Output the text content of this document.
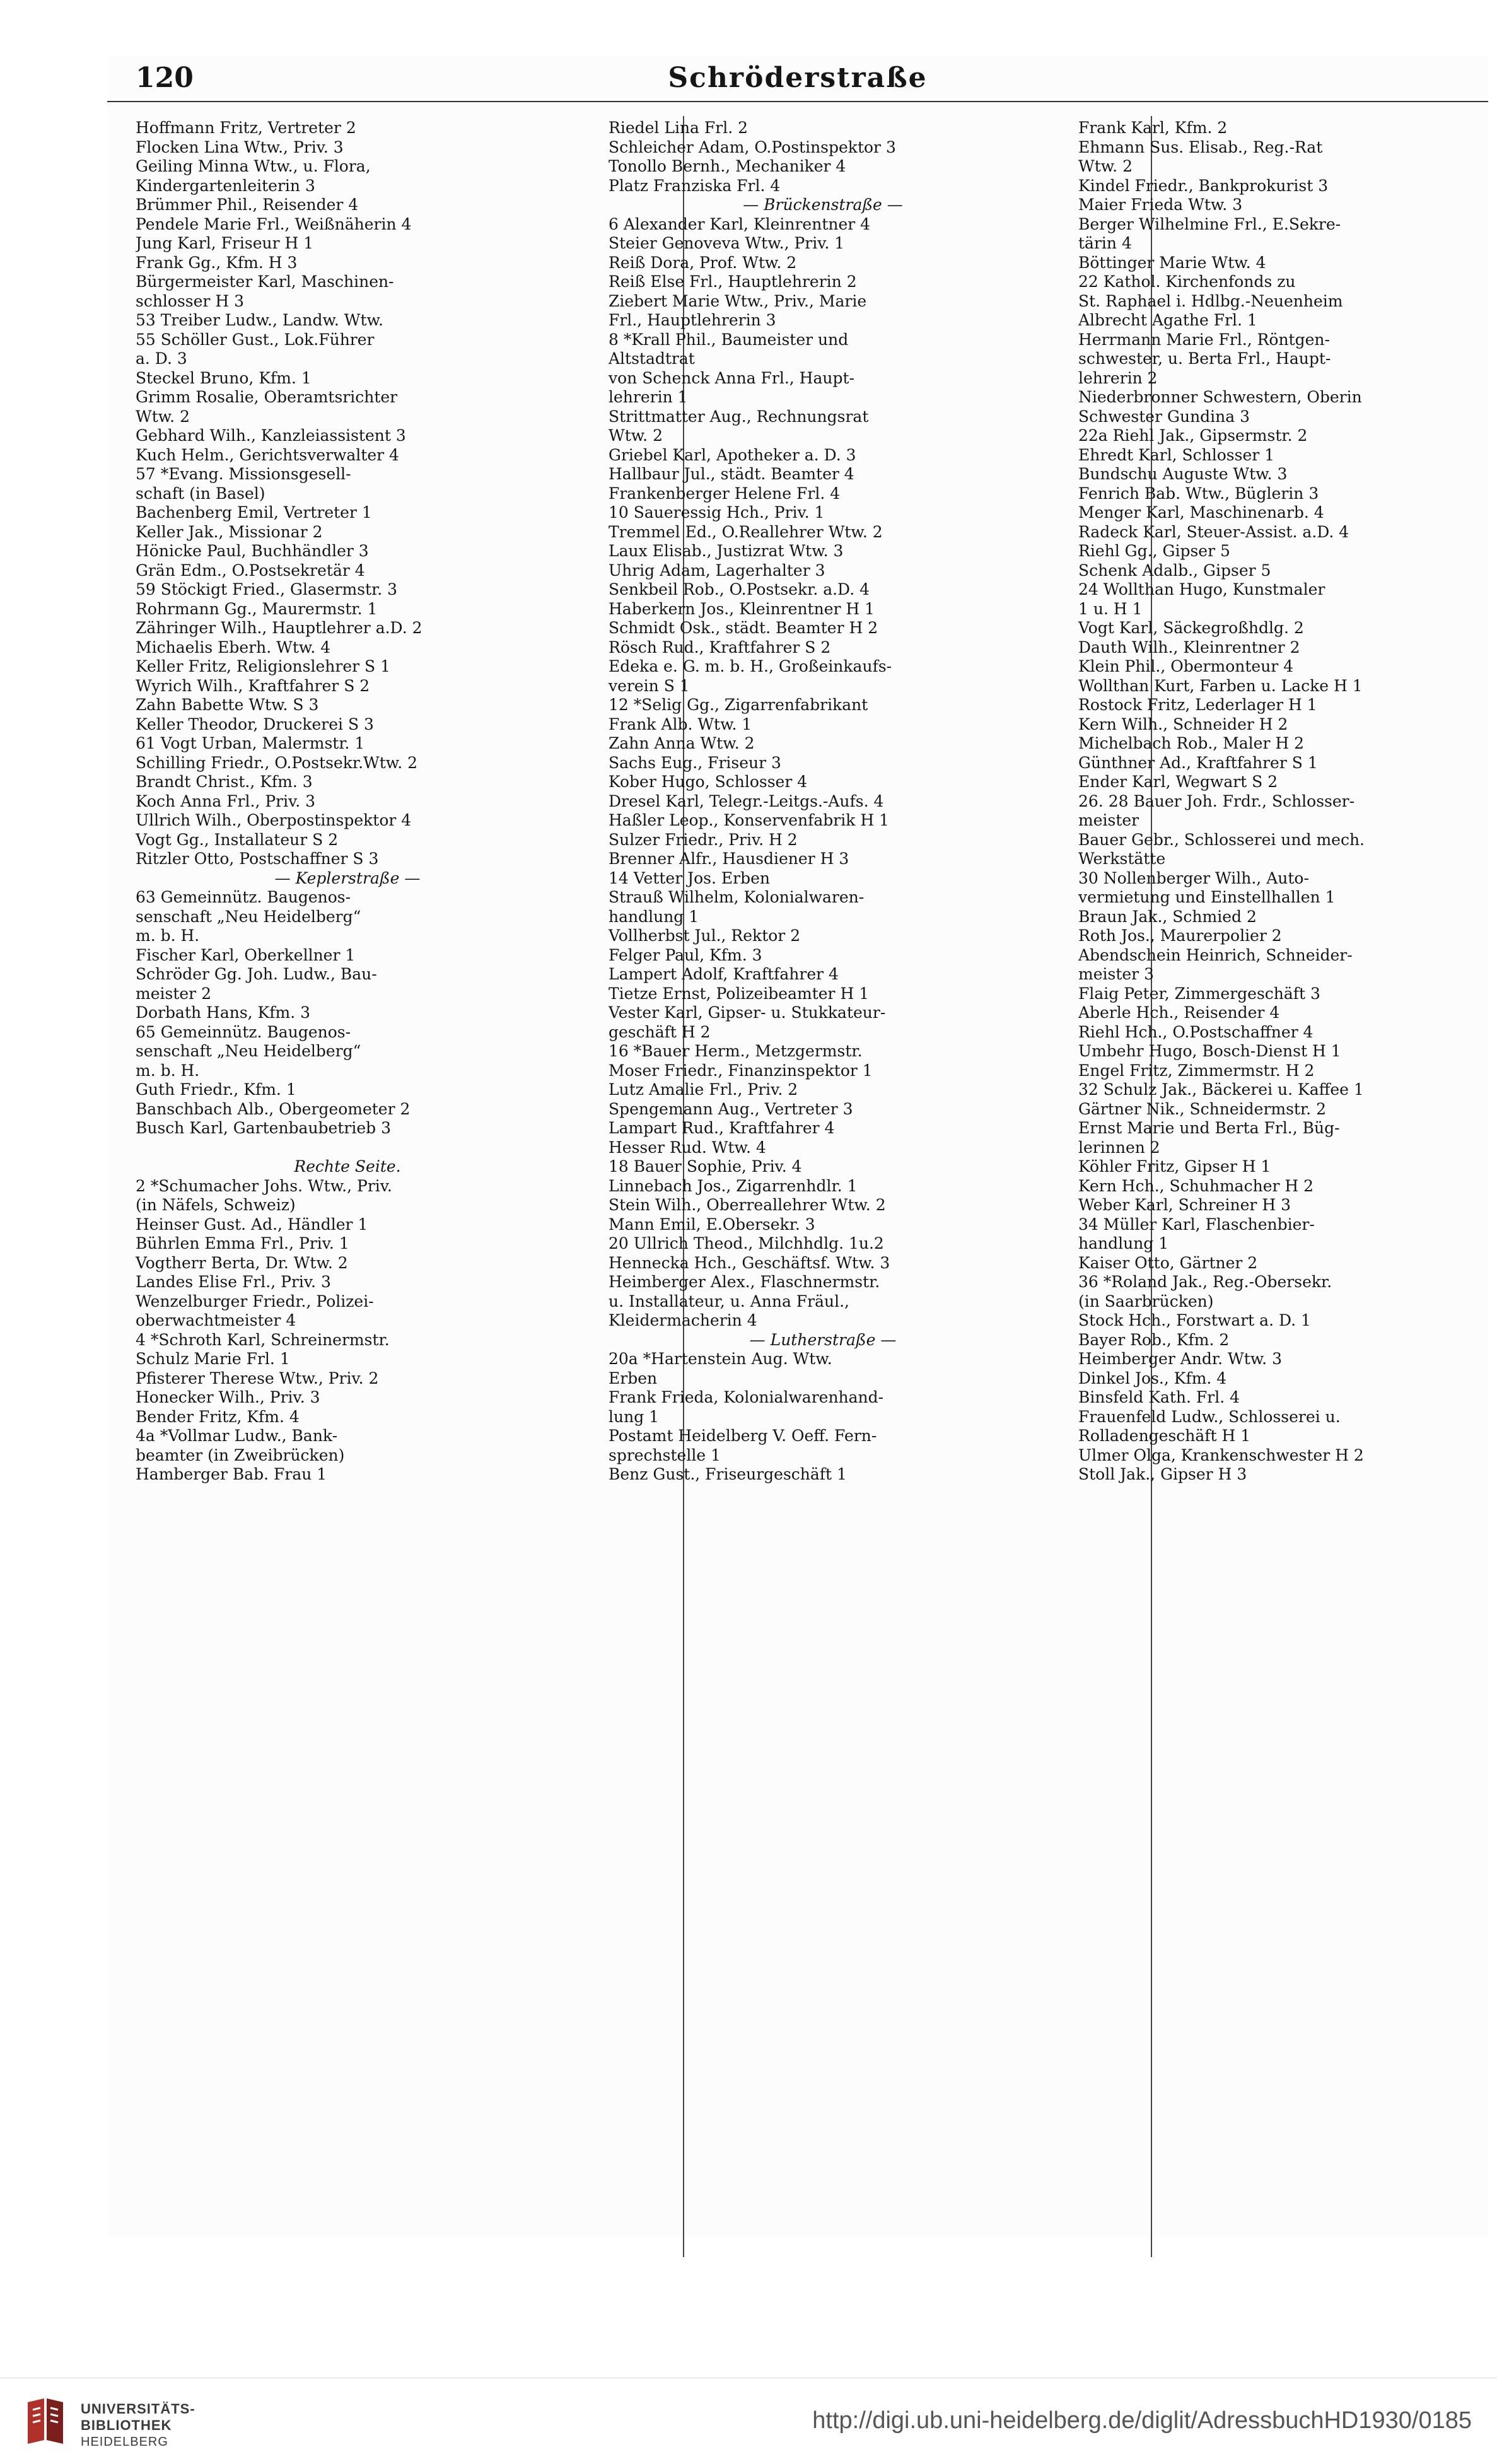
120	Schröderstraße
Hoffmann Fritz, Vertreter 2
Flocken Lina Wtw., Priv. 3
Geiling Minna Wtw., u. Flora,
Kindergartenleiterin 3
Brümmer Phil., Reisender 4
Pendele Marie Frl., Weißnäherin 4
Jung Karl, Friseur H 1
Frank Gg., Kfm. H 3
Bürgermeister Karl, Maschinen-
schlosser H 3
53 Treiber Ludw., Landw. Wtw.
55 Schöller Gust., Lok.Führer
a. D. 3
Steckel Bruno, Kfm. 1
Grimm Rosalie, Oberamtsrichter
Wtw. 2
Gebhard Wilh., Kanzleiassistent 3
Kuch Helm., Gerichtsverwalter 4
57 *Evang. Missionsgesell-
schaft (in Basel)
Bachenberg Emil, Vertreter 1
Keller Jak., Missionar 2
Hönicke Paul, Buchhändler 3
Grän Edm., O.Postsekretär 4
59 Stöckigt Fried., Glasermstr. 3
Rohrmann Gg., Maurermstr. 1
Zähringer Wilh., Hauptlehrer a.D. 2
Michaelis Eberh. Wtw. 4
Keller Fritz, Religionslehrer S 1
Wyrich Wilh., Kraftfahrer S 2
Zahn Babette Wtw. S 3
Keller Theodor, Druckerei S 3
61 Vogt Urban, Malermstr. 1
Schilling Friedr., O.Postsekr.Wtw. 2
Brandt Christ., Kfm. 3
Koch Anna Frl., Priv. 3
Ullrich Wilh., Oberpostinspektor 4
Vogt Gg., Installateur S 2
Ritzler Otto, Postschaffner S 3
— Keplerstraße —
63 Gemeinnütz. Baugenos-
senschaft „Neu Heidelberg“
m. b. H.
Fischer Karl, Oberkellner 1
Schröder Gg. Joh. Ludw., Bau-
meister 2
Dorbath Hans, Kfm. 3
65 Gemeinnütz. Baugenos-
senschaft „Neu Heidelberg“
m. b. H.
Guth Friedr., Kfm. 1
Banschbach Alb., Obergeometer 2
Busch Karl, Gartenbaubetrieb 3
Rechte Seite.
2 *Schumacher Johs. Wtw., Priv.
(in Näfels, Schweiz)
Heinser Gust. Ad., Händler 1
Bührlen Emma Frl., Priv. 1
Vogtherr Berta, Dr. Wtw. 2
Landes Elise Frl., Priv. 3
Wenzelburger Friedr., Polizei-
oberwachtmeister 4
4 *Schroth Karl, Schreinermstr.
Schulz Marie Frl. 1
Pfisterer Therese Wtw., Priv. 2
Honecker Wilh., Priv. 3
Bender Fritz, Kfm. 4
4a *Vollmar Ludw., Bank-
beamter (in Zweibrücken)
Hamberger Bab. Frau 1
Riedel Lina Frl. 2
Schleicher Adam, O.Postinspektor 3
Tonollo Bernh., Mechaniker 4
Platz Franziska Frl. 4
— Brückenstraße —
6 Alexander Karl, Kleinrentner 4
Steier Genoveva Wtw., Priv. 1
Reiß Dora, Prof. Wtw. 2
Reiß Else Frl., Hauptlehrerin 2
Ziebert Marie Wtw., Priv., Marie
Frl., Hauptlehrerin 3
8 *Krall Phil., Baumeister und
Altstadtrat
von Schenck Anna Frl., Haupt-
lehrerin 1
Strittmatter Aug., Rechnungsrat
Wtw. 2
Griebel Karl, Apotheker a. D. 3
Hallbaur Jul., städt. Beamter 4
Frankenberger Helene Frl. 4
10 Saueressig Hch., Priv. 1
Tremmel Ed., O.Reallehrer Wtw. 2
Laux Elisab., Justizrat Wtw. 3
Uhrig Adam, Lagerhalter 3
Senkbeil Rob., O.Postsekr. a.D. 4
Haberkern Jos., Kleinrentner H 1
Schmidt Osk., städt. Beamter H 2
Rösch Rud., Kraftfahrer S 2
Edeka e. G. m. b. H., Großeinkaufs-
verein S 1
12 *Selig Gg., Zigarrenfabrikant
Frank Alb. Wtw. 1
Zahn Anna Wtw. 2
Sachs Eug., Friseur 3
Kober Hugo, Schlosser 4
Dresel Karl, Telegr.-Leitgs.-Aufs. 4
Haßler Leop., Konservenfabrik H 1
Sulzer Friedr., Priv. H 2
Brenner Alfr., Hausdiener H 3
14 Vetter Jos. Erben
Strauß Wilhelm, Kolonialwaren-
handlung 1
Vollherbst Jul., Rektor 2
Felger Paul, Kfm. 3
Lampert Adolf, Kraftfahrer 4
Tietze Ernst, Polizeibeamter H 1
Vester Karl, Gipser- u. Stukkateur-
geschäft H 2
16 *Bauer Herm., Metzgermstr.
Moser Friedr., Finanzinspektor 1
Lutz Amalie Frl., Priv. 2
Spengemann Aug., Vertreter 3
Lampart Rud., Kraftfahrer 4
Hesser Rud. Wtw. 4
18 Bauer Sophie, Priv. 4
Linnebach Jos., Zigarrenhdlr. 1
Stein Wilh., Oberreallehrer Wtw. 2
Mann Emil, E.Obersekr. 3
20 Ullrich Theod., Milchhdlg. 1u.2
Hennecka Hch., Geschäftsf. Wtw. 3
Heimberger Alex., Flaschnermstr.
u. Installateur, u. Anna Fräul.,
Kleidermacherin 4
— Lutherstraße —
20a *Hartenstein Aug. Wtw.
Erben
Frank Frieda, Kolonialwarenhand-
lung 1
Postamt Heidelberg V. Oeff. Fern-
sprechstelle 1
Benz Gust., Friseurgeschäft 1
Frank Karl, Kfm. 2
Ehmann Sus. Elisab., Reg.-Rat
Wtw. 2
Kindel Friedr., Bankprokurist 3
Maier Frieda Wtw. 3
Berger Wilhelmine Frl., E.Sekre-
tärin 4
Böttinger Marie Wtw. 4
22 Kathol. Kirchenfonds zu
St. Raphael i. Hdlbg.-Neuenheim
Albrecht Agathe Frl. 1
Herrmann Marie Frl., Röntgen-
schwester, u. Berta Frl., Haupt-
lehrerin 2
Niederbronner Schwestern, Oberin
Schwester Gundina 3
22a Riehl Jak., Gipsermstr. 2
Ehredt Karl, Schlosser 1
Bundschu Auguste Wtw. 3
Fenrich Bab. Wtw., Büglerin 3
Menger Karl, Maschinenarb. 4
Radeck Karl, Steuer-Assist. a.D. 4
Riehl Gg., Gipser 5
Schenk Adalb., Gipser 5
24 Wollthan Hugo, Kunstmaler
1 u. H 1
Vogt Karl, Säckegroßhdlg. 2
Dauth Wilh., Kleinrentner 2
Klein Phil., Obermonteur 4
Wollthan Kurt, Farben u. Lacke H 1
Rostock Fritz, Lederlager H 1
Kern Wilh., Schneider H 2
Michelbach Rob., Maler H 2
Günthner Ad., Kraftfahrer S 1
Ender Karl, Wegwart S 2
26. 28 Bauer Joh. Frdr., Schlosser-
meister
Bauer Gebr., Schlosserei und mech.
Werkstätte
30 Nollenberger Wilh., Auto-
vermietung und Einstellhallen 1
Braun Jak., Schmied 2
Roth Jos., Maurerpolier 2
Abendschein Heinrich, Schneider-
meister 3
Flaig Peter, Zimmergeschäft 3
Aberle Hch., Reisender 4
Riehl Hch., O.Postschaffner 4
Umbehr Hugo, Bosch-Dienst H 1
Engel Fritz, Zimmermstr. H 2
32 Schulz Jak., Bäckerei u. Kaffee 1
Gärtner Nik., Schneidermstr. 2
Ernst Marie und Berta Frl., Büg-
lerinnen 2
Köhler Fritz, Gipser H 1
Kern Hch., Schuhmacher H 2
Weber Karl, Schreiner H 3
34 Müller Karl, Flaschenbier-
handlung 1
Kaiser Otto, Gärtner 2
36 *Roland Jak., Reg.-Obersekr.
(in Saarbrücken)
Stock Hch., Forstwart a. D. 1
Bayer Rob., Kfm. 2
Heimberger Andr. Wtw. 3
Dinkel Jos., Kfm. 4
Binsfeld Kath. Frl. 4
Frauenfeld Ludw., Schlosserei u.
Rolladengeschäft H 1
Ulmer Olga, Krankenschwester H 2
Stoll Jak., Gipser H 3
UNIVERSITÄTS-
BIBLIOTHEK
HEIDELBERG
http://digi.ub.uni-heidelberg.de/diglit/AdressbuchHD1930/0185
